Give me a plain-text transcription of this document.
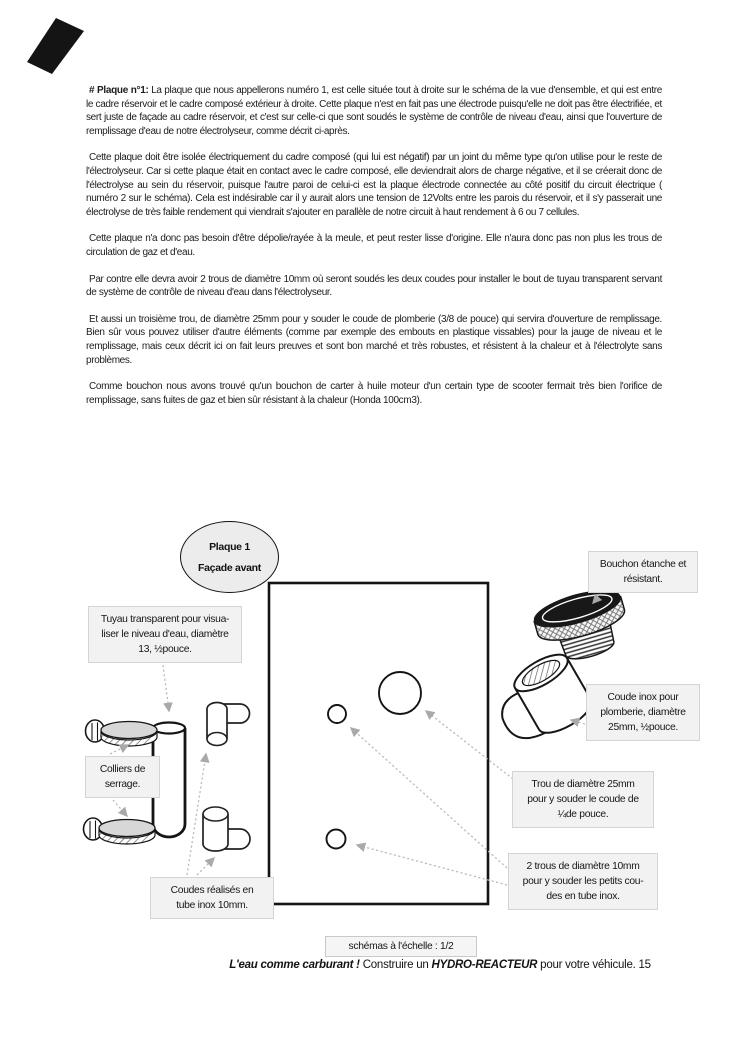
# Plaque n°1: La plaque que nous appellerons numéro 1, est celle située tout à droite sur le schéma de la vue d'ensemble, et qui est entre le cadre réservoir et le cadre composé extérieur à droite. Cette plaque n'est en fait pas une électrode puisqu'elle ne doit pas être électrifiée, et sert juste de façade au cadre réservoir, et c'est sur celle-ci que sont soudés le système de contrôle de niveau d'eau, ainsi que l'ouverture de remplissage d'eau de notre électrolyseur, comme décrit ci-après.

Cette plaque doit être isolée électriquement du cadre composé (qui lui est négatif) par un joint du même type qu'on utilise pour le reste de l'électrolyseur. Car si cette plaque était en contact avec le cadre composé, elle deviendrait alors de charge négative, et il se créerait donc de l'électrolyse au sein du réservoir, puisque l'autre paroi de celui-ci est la plaque électrode connectée au côté positif du circuit électrique ( numéro 2 sur le schéma). Cela est indésirable car il y aurait alors une tension de 12Volts entre les parois du réservoir, et il s'y passerait une électrolyse de très faible rendement qui viendrait s'ajouter en parallèle de notre circuit à haut rendement à 6 ou 7 cellules.

Cette plaque n'a donc pas besoin d'être dépolie/rayée à la meule, et peut rester lisse d'origine. Elle n'aura donc pas non plus les trous de circulation de gaz et d'eau.

Par contre elle devra avoir 2 trous de diamètre 10mm où seront soudés les deux coudes pour installer le bout de tuyau transparent servant de système de contrôle de niveau d'eau dans l'électrolyseur.

Et aussi un troisième trou, de diamètre 25mm pour y souder le coude de plomberie (3/8 de pouce) qui servira d'ouverture de remplissage. Bien sûr vous pouvez utiliser d'autre éléments (comme par exemple des embouts en plastique vissables) pour la jauge de niveau et le remplissage, mais ceux décrit ici on fait leurs preuves et sont bon marché et très robustes, et résistent à la chaleur et à l'électrolyte sans problèmes.

Comme bouchon nous avons trouvé qu'un bouchon de carter à huile moteur d'un certain type de scooter fermait très bien l'orifice de remplissage, sans fuites de gaz et bien sûr résistant à la chaleur (Honda 100cm3).

Plaque 1
Façade avant
Tuyau transparent pour visua-
liser le niveau d'eau, diamètre
13, ½pouce.
Colliers de
serrage.
Coudes réalisés en
tube inox 10mm.
Bouchon étanche et
résistant.
Coude inox pour
plomberie, diamètre
25mm, ½pouce.
Trou de diamètre 25mm
pour y souder le coude de
¼de pouce.
2 trous de diamètre 10mm
pour y souder les petits cou-
des en tube inox.
schémas à l'échelle : 1/2
L'eau comme carburant ! Construire un HYDRO-REACTEUR pour votre véhicule. 15
